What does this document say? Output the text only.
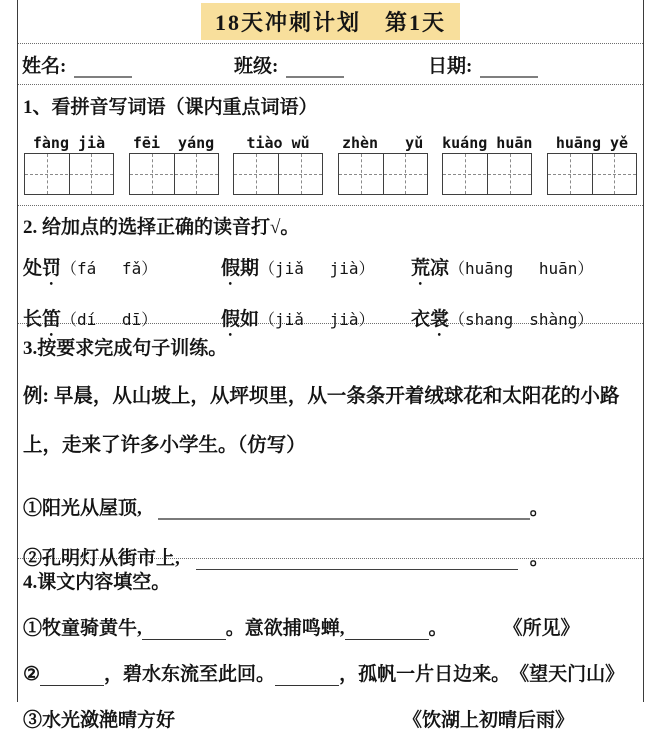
18天冲刺计划　第1天
姓名:	班级:	日期:
1、看拼音写词语（课内重点词语）
fàng jià fēi  yáng tiào wǔ zhèn   yǔ kuáng huān huāng yě
2. 给加点的选择正确的读音打√。
处罚（fá　 fǎ）	假期（jiǎ　 jià）	荒凉（huāng　 huān）
长笛（dí　 dī）	假如（jiǎ　 jià）	衣裳（shang　shàng）
3.按要求完成句子训练。
例: 早晨，从山坡上，从坪坝里，从一条条开着绒球花和太阳花的小路上，走来了许多小学生。（仿写）
①阳光从屋顶,	。
②孔明灯从街市上,	。
4.课文内容填空。
①牧童骑黄牛,	。意欲捕鸣蝉,	。	《所见》
②	，碧水东流至此回。	，孤帆一片日边来。 《望天门山》
③水光潋滟晴方好	《饮湖上初晴后雨》
